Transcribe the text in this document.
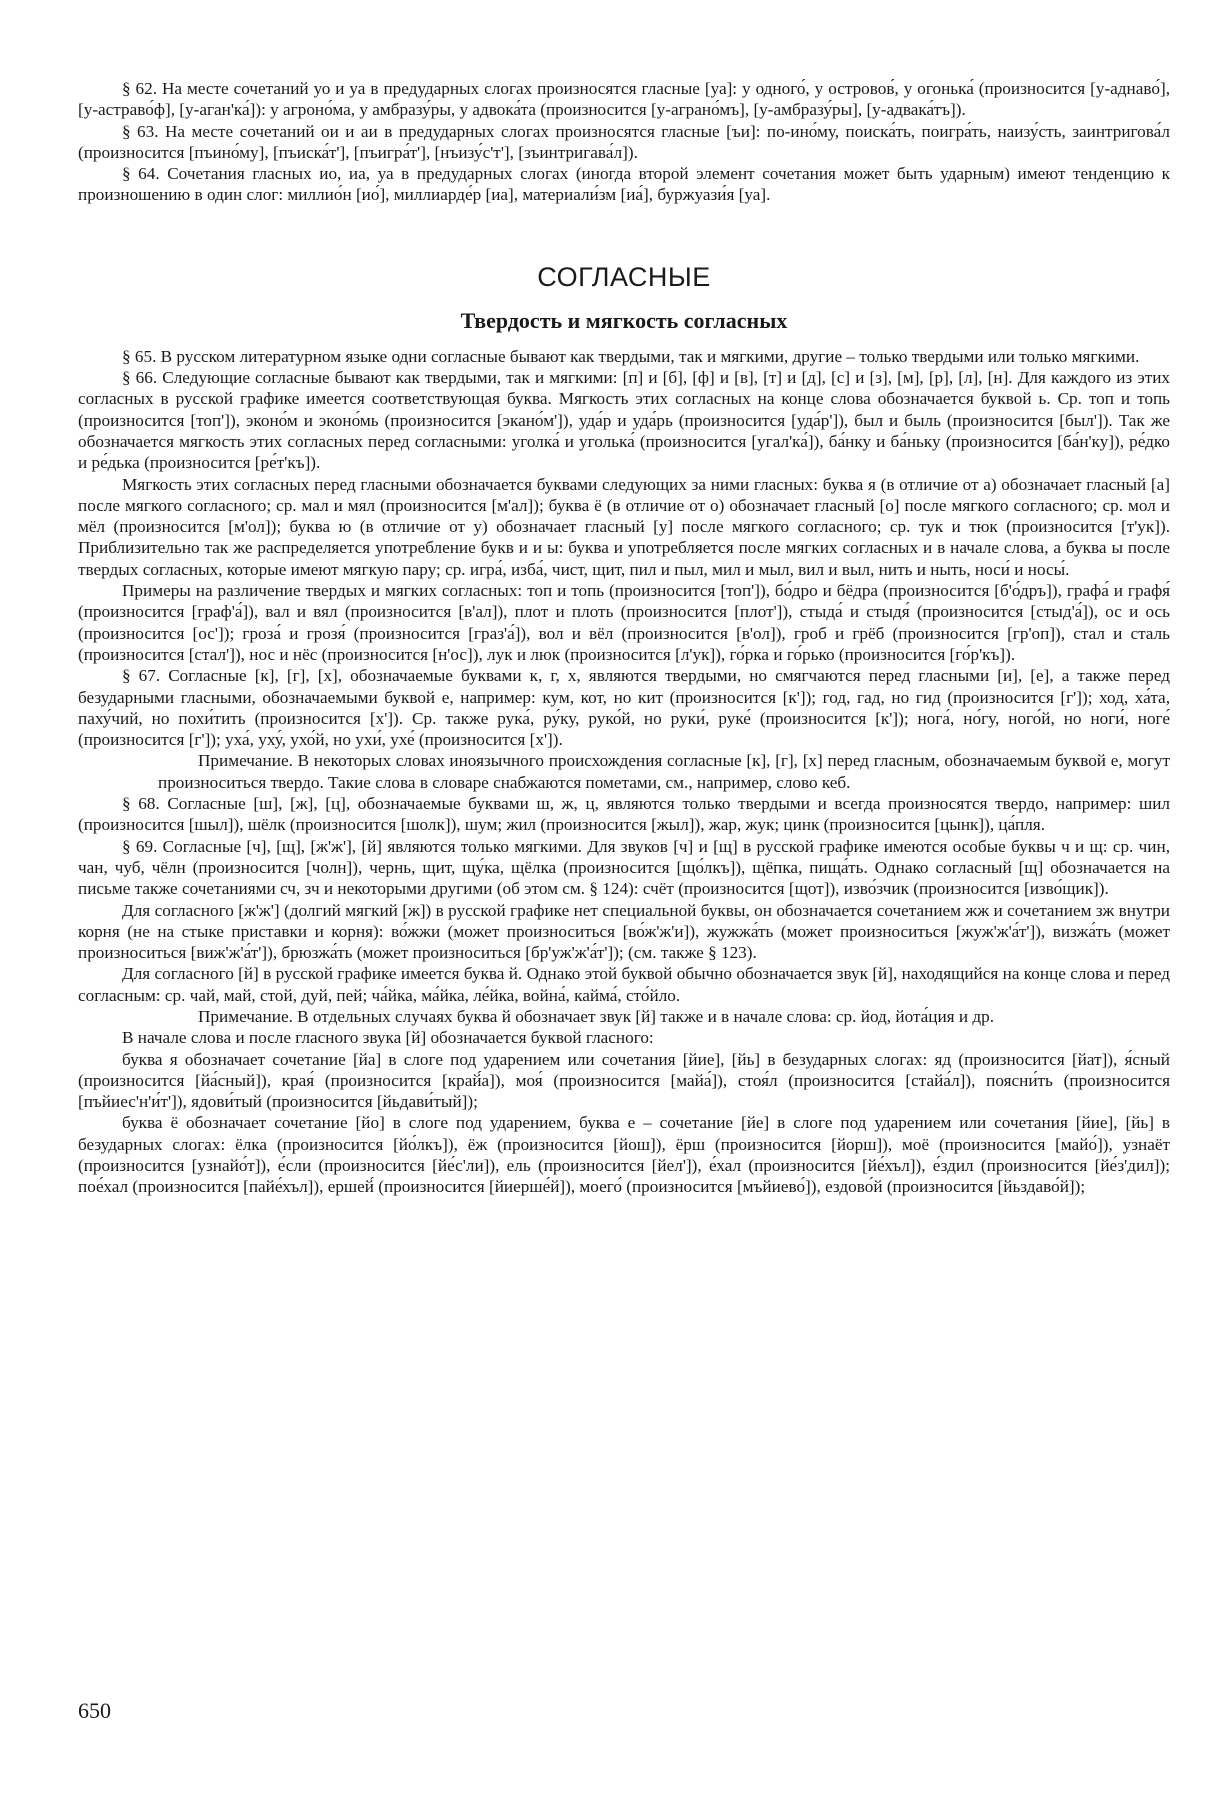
§ 62. На месте сочетаний уо и уа в предударных слогах произносятся гласные [уа]: у одного́, у островов́, у огонька́ (произносится [у-аднаво́], [у-астраво́ф], [у-аган'ка́]): у агроно́ма, у амбразу́ры, у адвока́та (произносится [у-аграно́мъ], [у-амбразу́ры], [у-адвака́тъ]).

§ 63. На месте сочетаний ои и аи в предударных слогах произносятся гласные [ъи]: по-ино́му, поиска́ть, поигра́ть, наизу́сть, заинтригова́л (произносится [пъино́му], [пъиска́т'], [пъигра́т'], [нъизу́с'т'], [зъинтригава́л]).

§ 64. Сочетания гласных ио, иа, уа в предударных слогах (иногда второй элемент сочетания может быть ударным) имеют тенденцию к произношению в один слог: миллио́н [ио́], миллиарде́р [иа], материали́зм [иа́], буржуази́я [уа].

СОГЛАСНЫЕ
Твердость и мягкость согласных

§ 65. В русском литературном языке одни согласные бывают как твердыми, так и мягкими, другие – только твердыми или только мягкими.

§ 66. Следующие согласные бывают как твердыми, так и мягкими: [п] и [б], [ф] и [в], [т] и [д], [с] и [з], [м], [р], [л], [н]. Для каждого из этих согласных в русской графике имеется соответствующая буква. Мягкость этих согласных на конце слова обозначается буквой ь. Ср. топ и топь (произносится [топ']), эконо́м и эконо́мь (произносится [экано́м']), уда́р и уда́рь (произносится [уда́р']), был и быль (произносится [был']). Так же обозначается мягкость этих согласных перед согласными: уголка́ и уголька́ (произносится [угал'ка́]), ба́нку и ба́ньку (произносится [ба́н'ку]), ре́дко и ре́дька (произносится [ре́т'къ]).

Мягкость этих согласных перед гласными обозначается буквами следующих за ними гласных: буква я (в отличие от а) обозначает гласный [а] после мягкого согласного; ср. мал и мял (произносится [м'ал]); буква ё (в отличие от о) обозначает гласный [о] после мягкого согласного; ср. мол и мёл (произносится [м'ол]); буква ю (в отличие от у) обозначает гласный [у] после мягкого согласного; ср. тук и тюк (произносится [т'ук]). Приблизительно так же распределяется употребление букв и и ы: буква и употребляется после мягких согласных и в начале слова, а буква ы после твердых согласных, которые имеют мягкую пару; ср. игра́, изба́, чист, щит, пил и пыл, мил и мыл, вил и выл, нить и ныть, носи́ и носы́.

Примеры на различение твердых и мягких согласных: топ и топь (произносится [топ']), бо́дро и бёдра (произносится [б'о́дръ]), графа́ и графя́ (произносится [граф'а́]), вал и вял (произносится [в'ал]), плот и плоть (произносится [плот']), стыда́ и стыдя́ (произносится [стыд'а́]), ос и ось (произносится [ос']); гроза́ и грозя́ (произносится [граз'а́]), вол и вёл (произносится [в'ол]), гроб и грёб (произносится [гр'оп]), стал и сталь (произносится [стал']), нос и нёс (произносится [н'ос]), лук и люк (произносится [л'ук]), го́рка и го́рько (произносится [го́р'къ]).

§ 67. Согласные [к], [г], [х], обозначаемые буквами к, г, х, являются твердыми, но смягчаются перед гласными [и], [е], а также перед безударными гласными, обозначаемыми буквой е, например: кум, кот, но кит (произносится [к']); год, гад, но гид (произносится [г']); ход, ха́та, паху́чий, но похи́тить (произносится [х']). Ср. также рука́, ру́ку, руко́й, но руки́, руке́ (произносится [к']); нога́, но́гу, ного́й, но ноги́, ноге́ (произносится [г']); уха́, уху́, ухо́й, но ухи́, ухе́ (произносится [х']).

Примечание. В некоторых словах иноязычного происхождения согласные [к], [г], [х] перед гласным, обозначаемым буквой е, могут произноситься твердо. Такие слова в словаре снабжаются пометами, см., например, слово кеб.

§ 68. Согласные [ш], [ж], [ц], обозначаемые буквами ш, ж, ц, являются только твердыми и всегда произносятся твердо, например: шил (произносится [шыл]), шёлк (произносится [шолк]), шум; жил (произносится [жыл]), жар, жук; цинк (произносится [цынк]), ца́пля.

§ 69. Согласные [ч], [щ], [ж'ж'], [й] являются только мягкими. Для звуков [ч] и [щ] в русской графике имеются особые буквы ч и щ: ср. чин, чан, чуб, чёлн (произносится [чолн]), чернь, щит, щу́ка, щёлка (произносится [що́лкъ]), щёпка, пища́ть. Однако согласный [щ] обозначается на письме также сочетаниями сч, зч и некоторыми другими (об этом см. § 124): счёт (произносится [щот]), изво́зчик (произносится [изво́щик]).

Для согласного [ж'ж'] (долгий мягкий [ж]) в русской графике нет специальной буквы, он обозначается сочетанием жж и сочетанием зж внутри корня (не на стыке приставки и корня): во́жжи (может произноситься [во́ж'ж'и]), жужжа́ть (может произноситься [жуж'ж'а́т']), визжа́ть (может произноситься [виж'ж'а́т']), брюзжа́ть (может произноситься [бр'уж'ж'а́т']); (см. также § 123).

Для согласного [й] в русской графике имеется буква й. Однако этой буквой обычно обозначается звук [й], находящийся на конце слова и перед согласным: ср. чай, май, стой, дуй, пей; ча́йка, ма́йка, ле́йка, война́, кайма́, сто́йло.

Примечание. В отдельных случаях буква й обозначает звук [й] также и в начале слова: ср. йод, йота́ция и др.

В начале слова и после гласного звука [й] обозначается буквой гласного:

буква я обозначает сочетание [йа] в слоге под ударением или сочетания [йие], [йь] в безударных слогах: яд (произносится [йат]), я́сный (произносится [йа́сный]), края́ (произносится [край́а]), моя́ (произносится [майа́]), стоя́л (произносится [стайа́л]), поясни́ть (произносится [пъйиес'н'и́т']), ядови́тый (произносится [йьдави́тый]);

буква ё обозначает сочетание [йо] в слоге под ударением, буква е – сочетание [йе] в слоге под ударением или сочетания [йие], [йь] в безударных слогах: ёлка (произносится [йо́лкъ]), ёж (произносится [йош]), ёрш (произносится [йорш]), моё (произносится [майо́]), узнаёт (произносится [узнайо́т]), е́сли (произносится [йе́с'ли]), ель (произносится [йел']), е́хал (произносится [йе́хъл]), е́здил (произносится [йе́з'дил]); пое́хал (произносится [пайе́хъл]), ершей́ (произносится [йиерше́й]), моего́ (произносится [мъйиево́]), ездово́й (произносится [йьздаво́й]);

650
